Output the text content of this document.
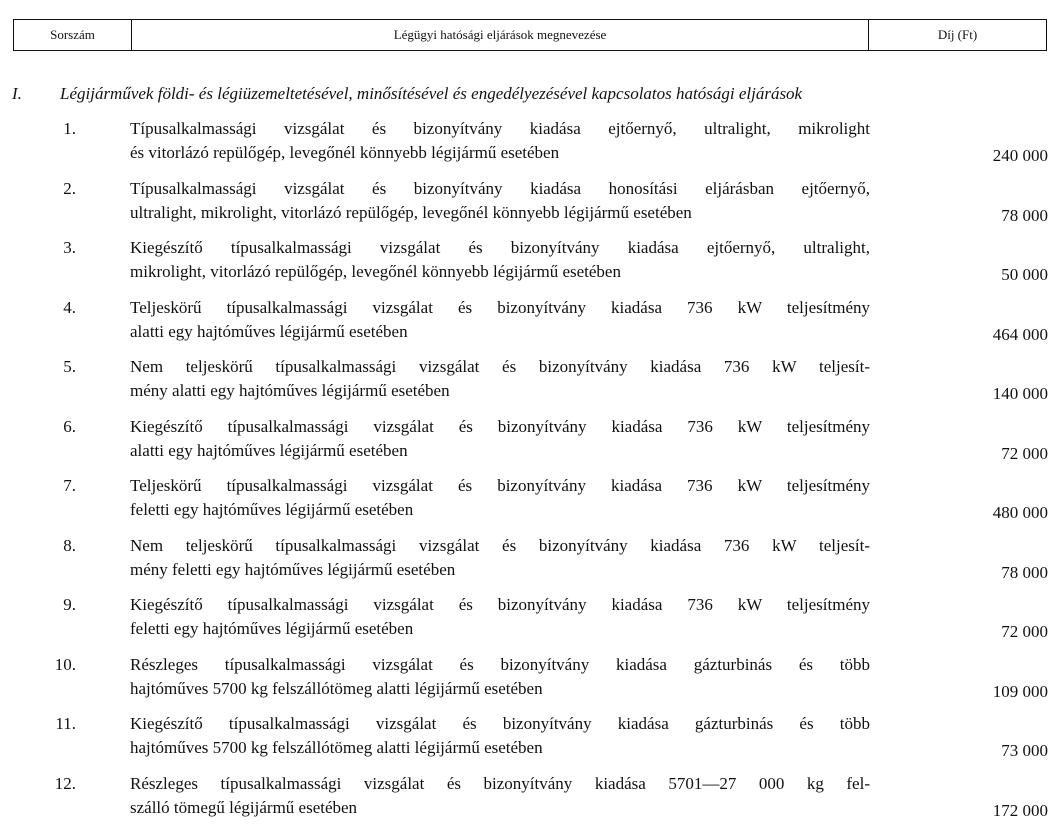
Sorszám	Légügyi hatósági eljárások megnevezése	Díj (Ft)
I. Légijárművek földi- és légiüzemeltetésével, minősítésével és engedélyezésével kapcsolatos hatósági eljárások
1.	Típusalkalmassági vizsgálat és bizonyítvány kiadása ejtőernyő, ultralight, mikrolight
és vitorlázó repülőgép, levegőnél könnyebb légijármű esetében	240 000
2.	Típusalkalmassági vizsgálat és bizonyítvány kiadása honosítási eljárásban ejtőernyő,
ultralight, mikrolight, vitorlázó repülőgép, levegőnél könnyebb légijármű esetében	78 000
3.	Kiegészítő típusalkalmassági vizsgálat és bizonyítvány kiadása ejtőernyő, ultralight,
mikrolight, vitorlázó repülőgép, levegőnél könnyebb légijármű esetében	50 000
4.	Teljeskörű típusalkalmassági vizsgálat és bizonyítvány kiadása 736 kW teljesítmény
alatti egy hajtóműves légijármű esetében	464 000
5.	Nem teljeskörű típusalkalmassági vizsgálat és bizonyítvány kiadása 736 kW teljesít-
mény alatti egy hajtóműves légijármű esetében	140 000
6.	Kiegészítő típusalkalmassági vizsgálat és bizonyítvány kiadása 736 kW teljesítmény
alatti egy hajtóműves légijármű esetében	72 000
7.	Teljeskörű típusalkalmassági vizsgálat és bizonyítvány kiadása 736 kW teljesítmény
feletti egy hajtóműves légijármű esetében	480 000
8.	Nem teljeskörű típusalkalmassági vizsgálat és bizonyítvány kiadása 736 kW teljesít-
mény feletti egy hajtóműves légijármű esetében	78 000
9.	Kiegészítő típusalkalmassági vizsgálat és bizonyítvány kiadása 736 kW teljesítmény
feletti egy hajtóműves légijármű esetében	72 000
10.	Részleges típusalkalmassági vizsgálat és bizonyítvány kiadása gázturbinás és több
hajtóműves 5700 kg felszállótömeg alatti légijármű esetében	109 000
11.	Kiegészítő típusalkalmassági vizsgálat és bizonyítvány kiadása gázturbinás és több
hajtóműves 5700 kg felszállótömeg alatti légijármű esetében	73 000
12.	Részleges típusalkalmassági vizsgálat és bizonyítvány kiadása 5701—27 000 kg fel-
szálló tömegű légijármű esetében	172 000
